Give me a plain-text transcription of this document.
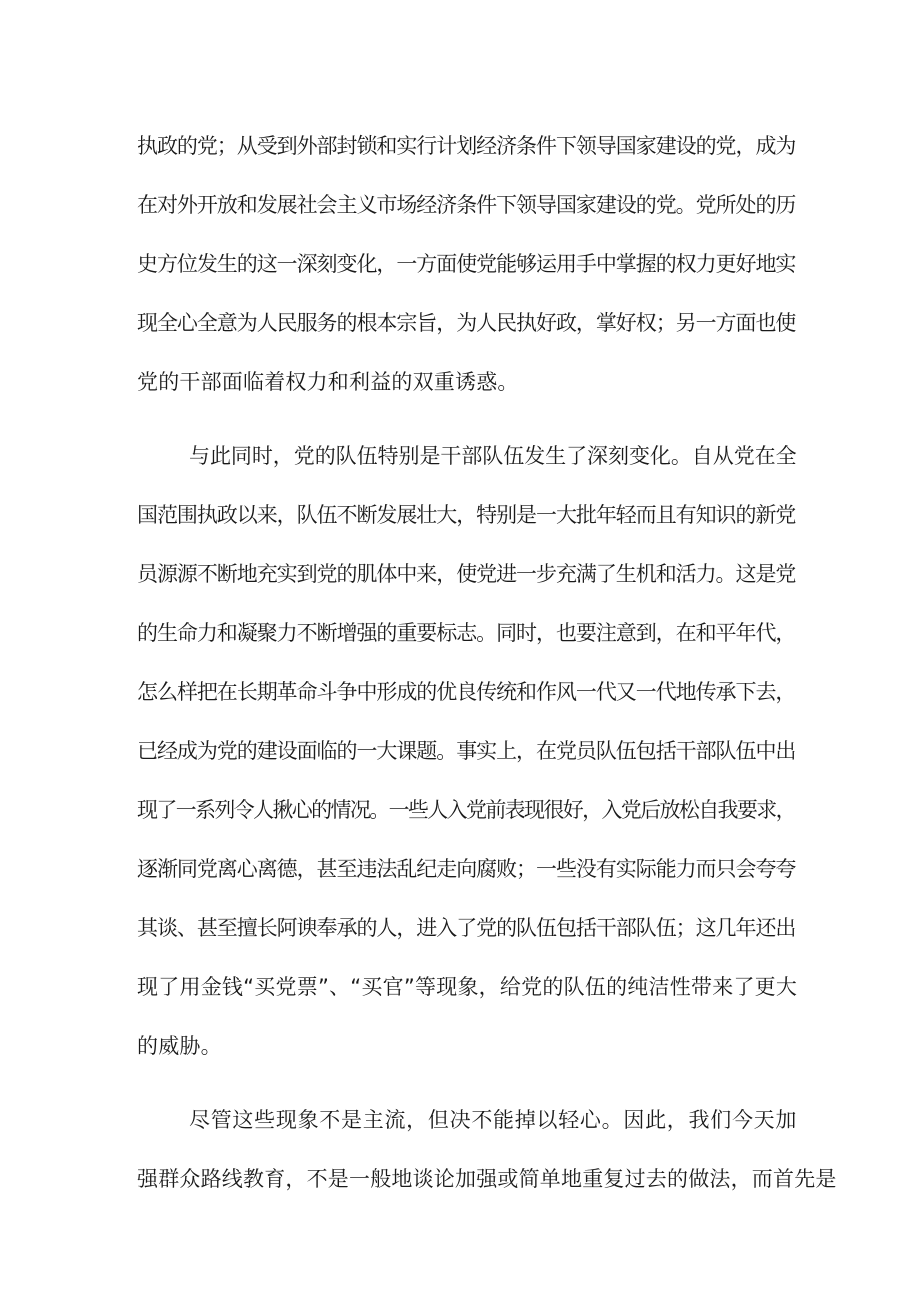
执政的党；从受到外部封锁和实行计划经济条件下领导国家建设的党，成为
在对外开放和发展社会主义市场经济条件下领导国家建设的党。党所处的历
史方位发生的这一深刻变化，一方面使党能够运用手中掌握的权力更好地实
现全心全意为人民服务的根本宗旨，为人民执好政，掌好权；另一方面也使
党的干部面临着权力和利益的双重诱惑。
与此同时，党的队伍特别是干部队伍发生了深刻变化。自从党在全
国范围执政以来，队伍不断发展壮大，特别是一大批年轻而且有知识的新党
员源源不断地充实到党的肌体中来，使党进一步充满了生机和活力。这是党
的生命力和凝聚力不断增强的重要标志。同时，也要注意到，在和平年代，
怎么样把在长期革命斗争中形成的优良传统和作风一代又一代地传承下去，
已经成为党的建设面临的一大课题。事实上，在党员队伍包括干部队伍中出
现了一系列令人揪心的情况。一些人入党前表现很好，入党后放松自我要求，
逐渐同党离心离德，甚至违法乱纪走向腐败；一些没有实际能力而只会夸夸
其谈、甚至擅长阿谀奉承的人，进入了党的队伍包括干部队伍；这几年还出
现了用金钱“买党票”、“买官”等现象，给党的队伍的纯洁性带来了更大
的威胁。
尽管这些现象不是主流，但决不能掉以轻心。因此，我们今天加
强群众路线教育，不是一般地谈论加强或简单地重复过去的做法，而首先是
